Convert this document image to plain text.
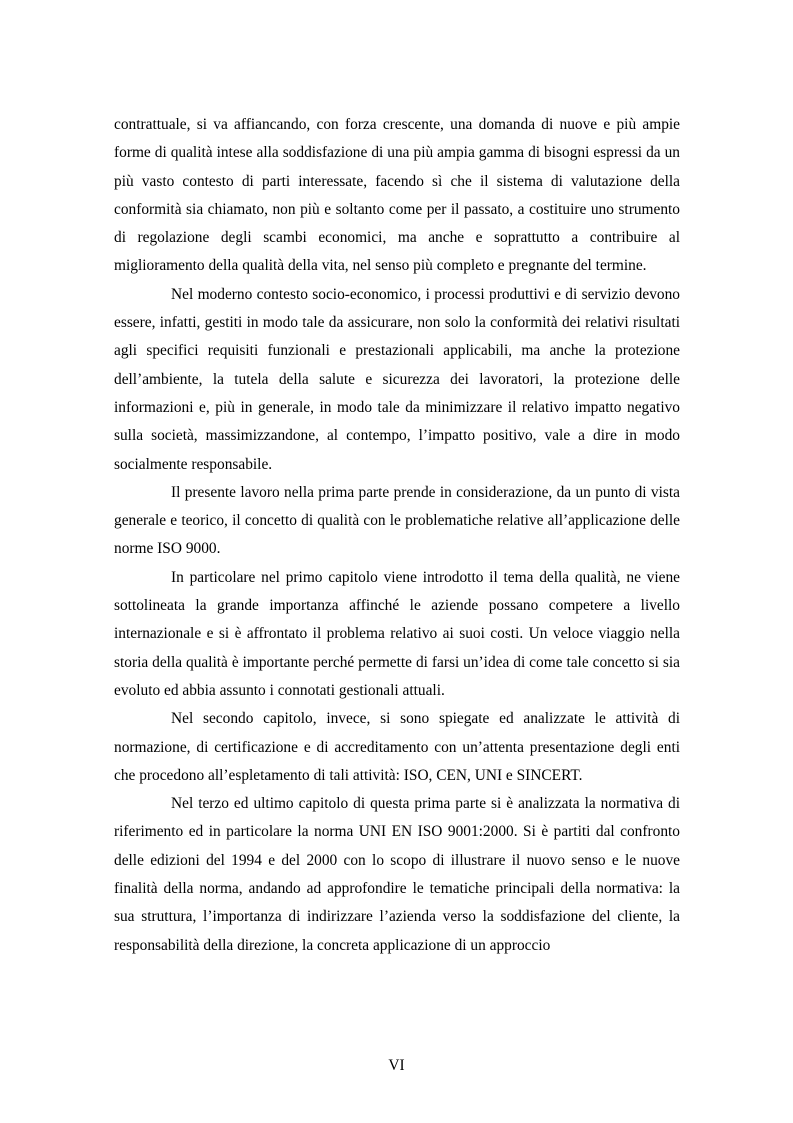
contrattuale, si va affiancando, con forza crescente, una domanda di nuove e più ampie forme di qualità intese alla soddisfazione di una più ampia gamma di bisogni espressi da un più vasto contesto di parti interessate, facendo sì che il sistema di valutazione della conformità sia chiamato, non più e soltanto come per il passato, a costituire uno strumento di regolazione degli scambi economici, ma anche e soprattutto a contribuire al miglioramento della qualità della vita, nel senso più completo e pregnante del termine.

Nel moderno contesto socio-economico, i processi produttivi e di servizio devono essere, infatti, gestiti in modo tale da assicurare, non solo la conformità dei relativi risultati agli specifici requisiti funzionali e prestazionali applicabili, ma anche la protezione dell’ambiente, la tutela della salute e sicurezza dei lavoratori, la protezione delle informazioni e, più in generale, in modo tale da minimizzare il relativo impatto negativo sulla società, massimizzandone, al contempo, l’impatto positivo, vale a dire in modo socialmente responsabile.

Il presente lavoro nella prima parte prende in considerazione, da un punto di vista generale e teorico, il concetto di qualità con le problematiche relative all’applicazione delle norme ISO 9000.

In particolare nel primo capitolo viene introdotto il tema della qualità, ne viene sottolineata la grande importanza affinché le aziende possano competere a livello internazionale e si è affrontato il problema relativo ai suoi costi. Un veloce viaggio nella storia della qualità è importante perché permette di farsi un’idea di come tale concetto si sia evoluto ed abbia assunto i connotati gestionali attuali.

Nel secondo capitolo, invece, si sono spiegate ed analizzate le attività di normazione, di certificazione e di accreditamento con un’attenta presentazione degli enti che procedono all’espletamento di tali attività: ISO, CEN, UNI e SINCERT.

Nel terzo ed ultimo capitolo di questa prima parte si è analizzata la normativa di riferimento ed in particolare la norma UNI EN ISO 9001:2000. Si è partiti dal confronto delle edizioni del 1994 e del 2000 con lo scopo di illustrare il nuovo senso e le nuove finalità della norma, andando ad approfondire le tematiche principali della normativa: la sua struttura, l’importanza di indirizzare l’azienda verso la soddisfazione del cliente, la responsabilità della direzione, la concreta applicazione di un approccio

VI
